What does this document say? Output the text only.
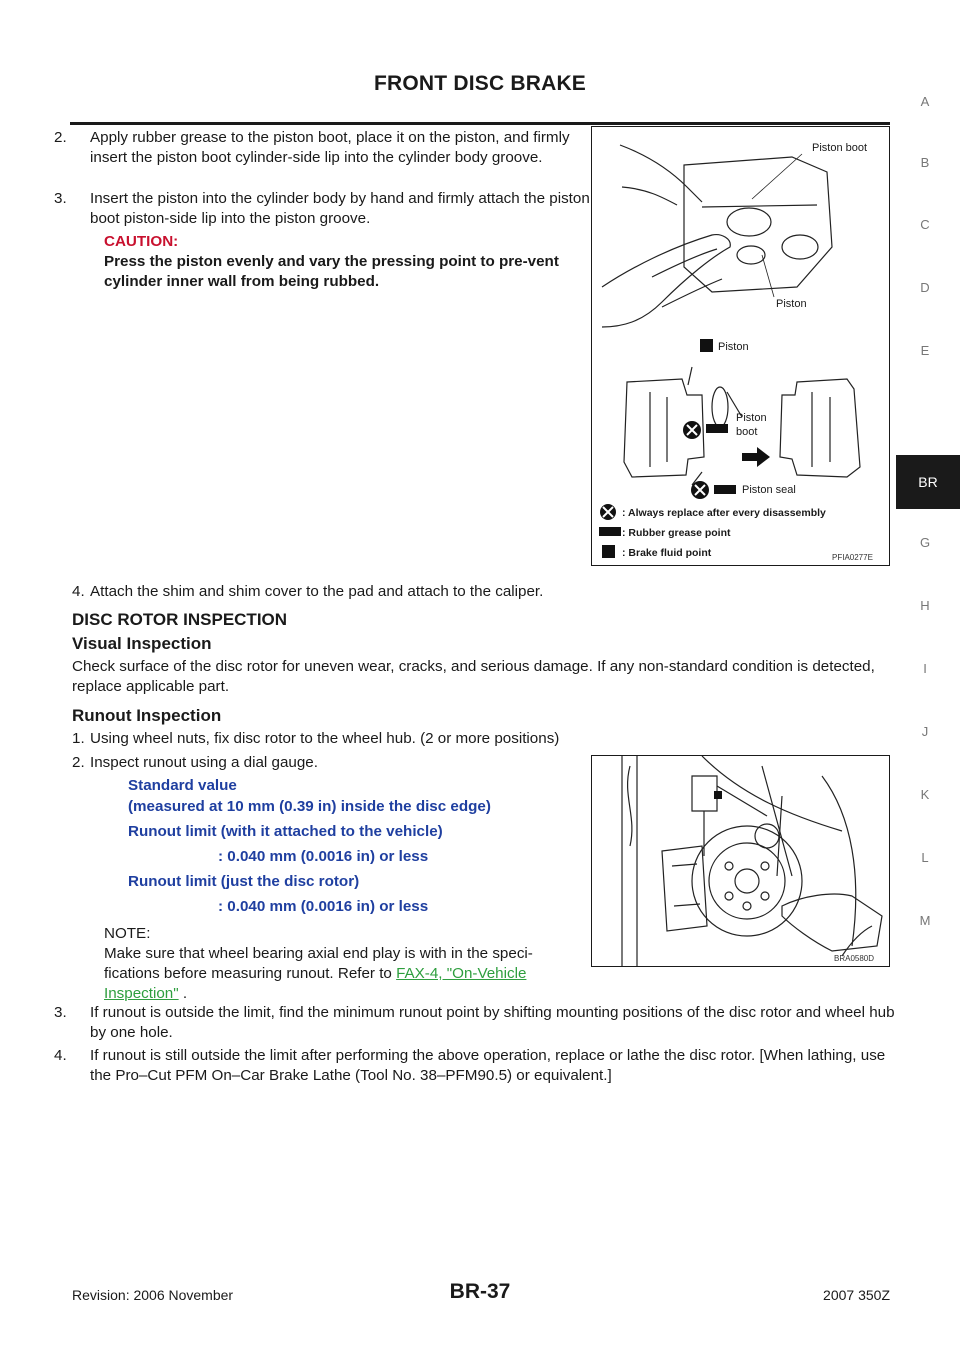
FRONT DISC BRAKE
A
B
C
D
E
BR
G
H
I
J
K
L
M
2. Apply rubber grease to the piston boot, place it on the piston, and firmly insert the piston boot cylinder-side lip into the cylinder body groove.
3. Insert the piston into the cylinder body by hand and firmly attach the piston boot piston-side lip into the piston groove.
CAUTION:
Press the piston evenly and vary the pressing point to pre-vent cylinder inner wall from being rubbed.
Piston boot
Piston
Piston
Piston
boot
Piston seal
: Always replace after every disassembly
: Rubber grease point
: Brake fluid point	PFIA0277E
4. Attach the shim and shim cover to the pad and attach to the caliper.
DISC ROTOR INSPECTION
Visual Inspection
Check surface of the disc rotor for uneven wear, cracks, and serious damage. If any non-standard condition is detected, replace applicable part.
Runout Inspection
1. Using wheel nuts, fix disc rotor to the wheel hub. (2 or more positions)
2. Inspect runout using a dial gauge.
Standard value
(measured at 10 mm (0.39 in) inside the disc edge)
Runout limit (with it attached to the vehicle)
: 0.040 mm (0.0016 in) or less
Runout limit (just the disc rotor)
: 0.040 mm (0.0016 in) or less
NOTE:
Make sure that wheel bearing axial end play is with in the speci-fications before measuring runout. Refer to FAX-4, "On-Vehicle Inspection" .
BRA0580D
3. If runout is outside the limit, find the minimum runout point by shifting mounting positions of the disc rotor and wheel hub by one hole.
4. If runout is still outside the limit after performing the above operation, replace or lathe the disc rotor. [When lathing, use the Pro–Cut PFM On–Car Brake Lathe (Tool No. 38–PFM90.5) or equivalent.]
Revision: 2006 November	BR-37	2007 350Z
